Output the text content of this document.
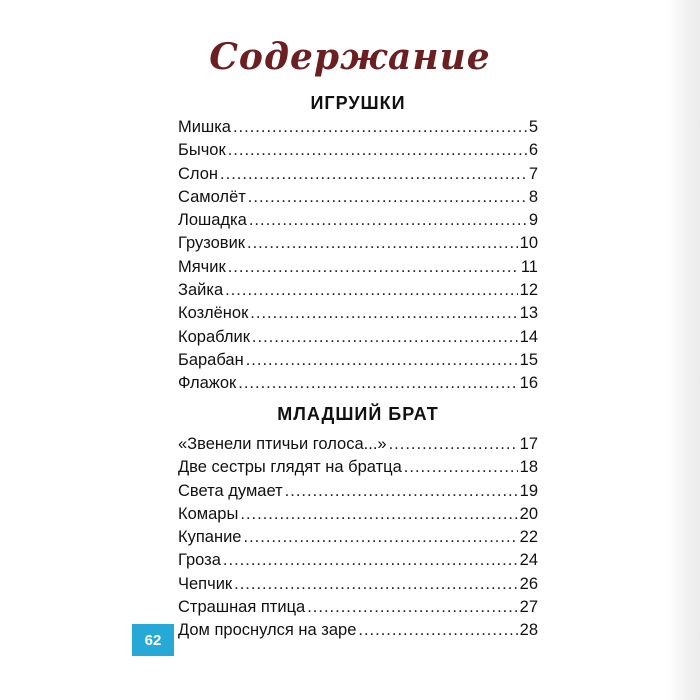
Содержание
ИГРУШКИ
Мишка .....	5
Бычок .....	6
Слон .....	7
Самолёт .....	8
Лошадка .....	9
Грузовик .....	10
Мячик .....	11
Зайка .....	12
Козлёнок .....	13
Кораблик .....	14
Барабан .....	15
Флажок .....	16
МЛАДШИЙ БРАТ
«Звенели птичьи голоса...» .....	17
Две сестры глядят на братца .....	18
Света думает .....	19
Комары .....	20
Купание .....	22
Гроза .....	24
Чепчик .....	26
Страшная птица .....	27
Дом проснулся на заре .....	28
62
